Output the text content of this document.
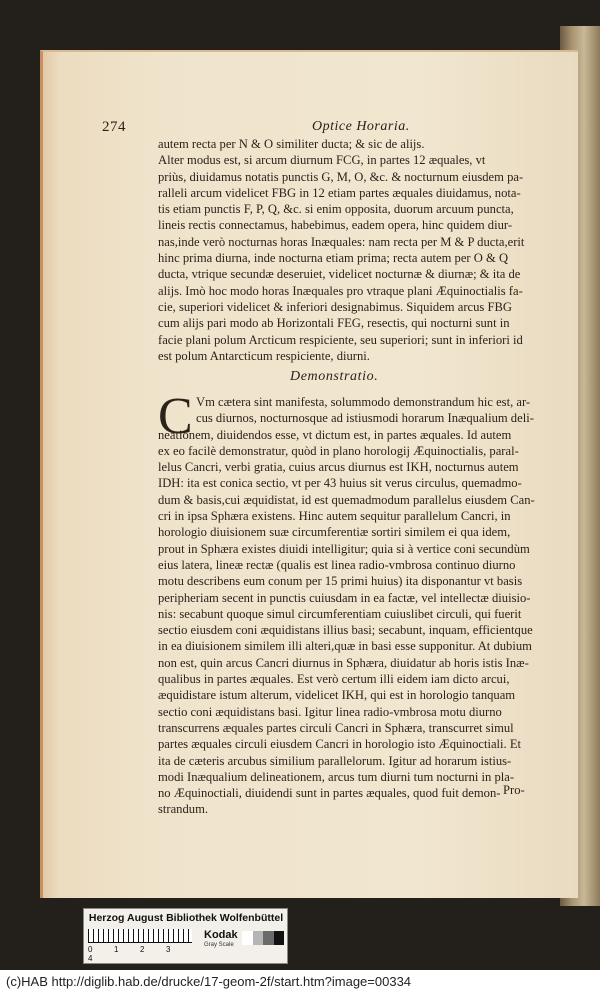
274	Optice Horaria.
autem recta per N & O similiter ducta; & sic de alijs.
Alter modus est, si arcum diurnum FCG, in partes 12 æquales, vt
priùs, diuidamus notatis punctis G, M, O, &c. & nocturnum eiusdem pa-
ralleli arcum videlicet FBG in 12 etiam partes æquales diuidamus, nota-
tis etiam punctis F, P, Q, &c. si enim opposita, duorum arcuum puncta,
lineis rectis connectamus, habebimus, eadem opera, hinc quidem diur-
nas,inde verò nocturnas horas Inæquales: nam recta per M & P ducta,erit
hinc prima diurna, inde nocturna etiam prima; recta autem per O & Q
ducta, vtrique secundæ deseruiet, videlicet nocturnæ & diurnæ; & ita de
alijs. Imò hoc modo horas Inæquales pro vtraque plani Æquinoctialis fa-
cie, superiori videlicet & inferiori designabimus. Siquidem arcus FBG
cum alijs pari modo ab Horizontali FEG, resectis, qui nocturni sunt in
facie plani polum Arcticum respiciente, seu superiori; sunt in inferiori id
est polum Antarcticum respiciente, diurni.
Demonstratio.
C Vm cætera sint manifesta, solummodo demonstrandum hic est, ar-
cus diurnos, nocturnosque ad istiusmodi horarum Inæqualium deli-
neationem, diuidendos esse, vt dictum est, in partes æquales. Id autem
ex eo facilè demonstratur, quòd in plano horologij Æquinoctialis, paral-
lelus Cancri, verbi gratia, cuius arcus diurnus est IKH, nocturnus autem
IDH: ita est conica sectio, vt per 43 huius sit verus circulus, quemadmo-
dum & basis,cui æquidistat, id est quemadmodum parallelus eiusdem Can-
cri in ipsa Sphæra existens. Hinc autem sequitur parallelum Cancri, in
horologio diuisionem suæ circumferentiæ sortiri similem ei qua idem,
prout in Sphæra existes diuidi intelligitur; quia si à vertice coni secundùm
eius latera, lineæ rectæ (qualis est linea radio-vmbrosa continuo diurno
motu describens eum conum per 15 primi huius) ita disponantur vt basis
peripheriam secent in punctis cuiusdam in ea factæ, vel intellectæ diuisio-
nis: secabunt quoque simul circumferentiam cuiuslibet circuli, qui fuerit
sectio eiusdem coni æquidistans illius basi; secabunt, inquam, efficientque
in ea diuisionem similem illi alteri,quæ in basi esse supponitur. At dubium
non est, quin arcus Cancri diurnus in Sphæra, diuidatur ab horis istis Inæ-
qualibus in partes æquales. Est verò certum illi eidem iam dicto arcui,
æquidistare istum alterum, videlicet IKH, qui est in horologio tanquam
sectio coni æquidistans basi. Igitur linea radio-vmbrosa motu diurno
transcurrens æquales partes circuli Cancri in Sphæra, transcurret simul
partes æquales circuli eiusdem Cancri in horologio isto Æquinoctiali. Et
ita de cæteris arcubus similium parallelorum. Igitur ad horarum istius-
modi Inæqualium delineationem, arcus tum diurni tum nocturni in pla-
no Æquinoctiali, diuidendi sunt in partes æquales, quod fuit demon-
strandum.
Pro-
Herzog August Bibliothek Wolfenbüttel
0	1	2	34
Kodak
Gray Scale
(c)HAB http://diglib.hab.de/drucke/17-geom-2f/start.htm?image=00334
